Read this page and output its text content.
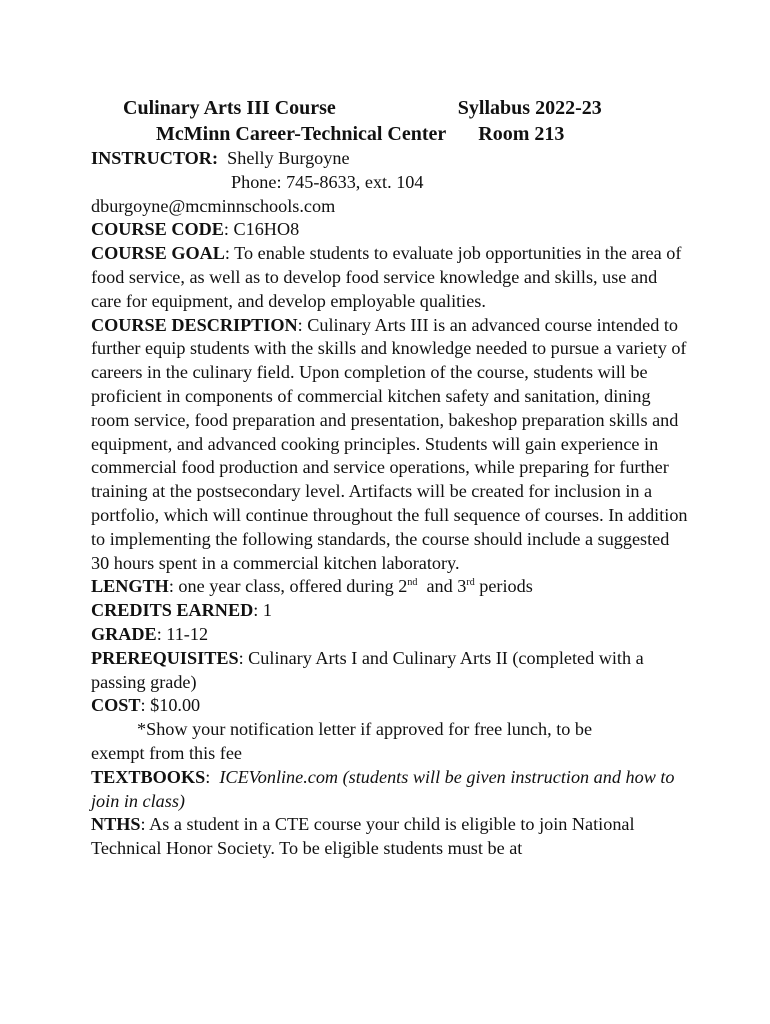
Culinary Arts III Course	Syllabus 2022-23
McMinn Career-Technical Center Room 213

INSTRUCTOR: Shelly Burgoyne

Phone: 745-8633, ext. 104

dburgoyne@mcminnschools.com

COURSE CODE: C16HO8

COURSE GOAL: To enable students to evaluate job opportunities in the area of food service, as well as to develop food service knowledge and skills, use and care for equipment, and develop employable qualities.

COURSE DESCRIPTION: Culinary Arts III is an advanced course intended to further equip students with the skills and knowledge needed to pursue a variety of careers in the culinary field. Upon completion of the course, students will be proficient in components of commercial kitchen safety and sanitation, dining room service, food preparation and presentation, bakeshop preparation skills and equipment, and advanced cooking principles. Students will gain experience in commercial food production and service operations, while preparing for further training at the postsecondary level. Artifacts will be created for inclusion in a portfolio, which will continue throughout the full sequence of courses. In addition to implementing the following standards, the course should include a suggested 30 hours spent in a commercial kitchen laboratory.

LENGTH: one year class, offered during 2nd  and 3rd periods

CREDITS EARNED: 1

GRADE: 11-12

PREREQUISITES: Culinary Arts I and Culinary Arts II (completed with a passing grade)

COST: $10.00

*Show your notification letter if approved for free lunch, to be
exempt from this fee

TEXTBOOKS:  ICEVonline.com (students will be given instruction and how to join in class)

NTHS: As a student in a CTE course your child is eligible to join National Technical Honor Society. To be eligible students must be at
